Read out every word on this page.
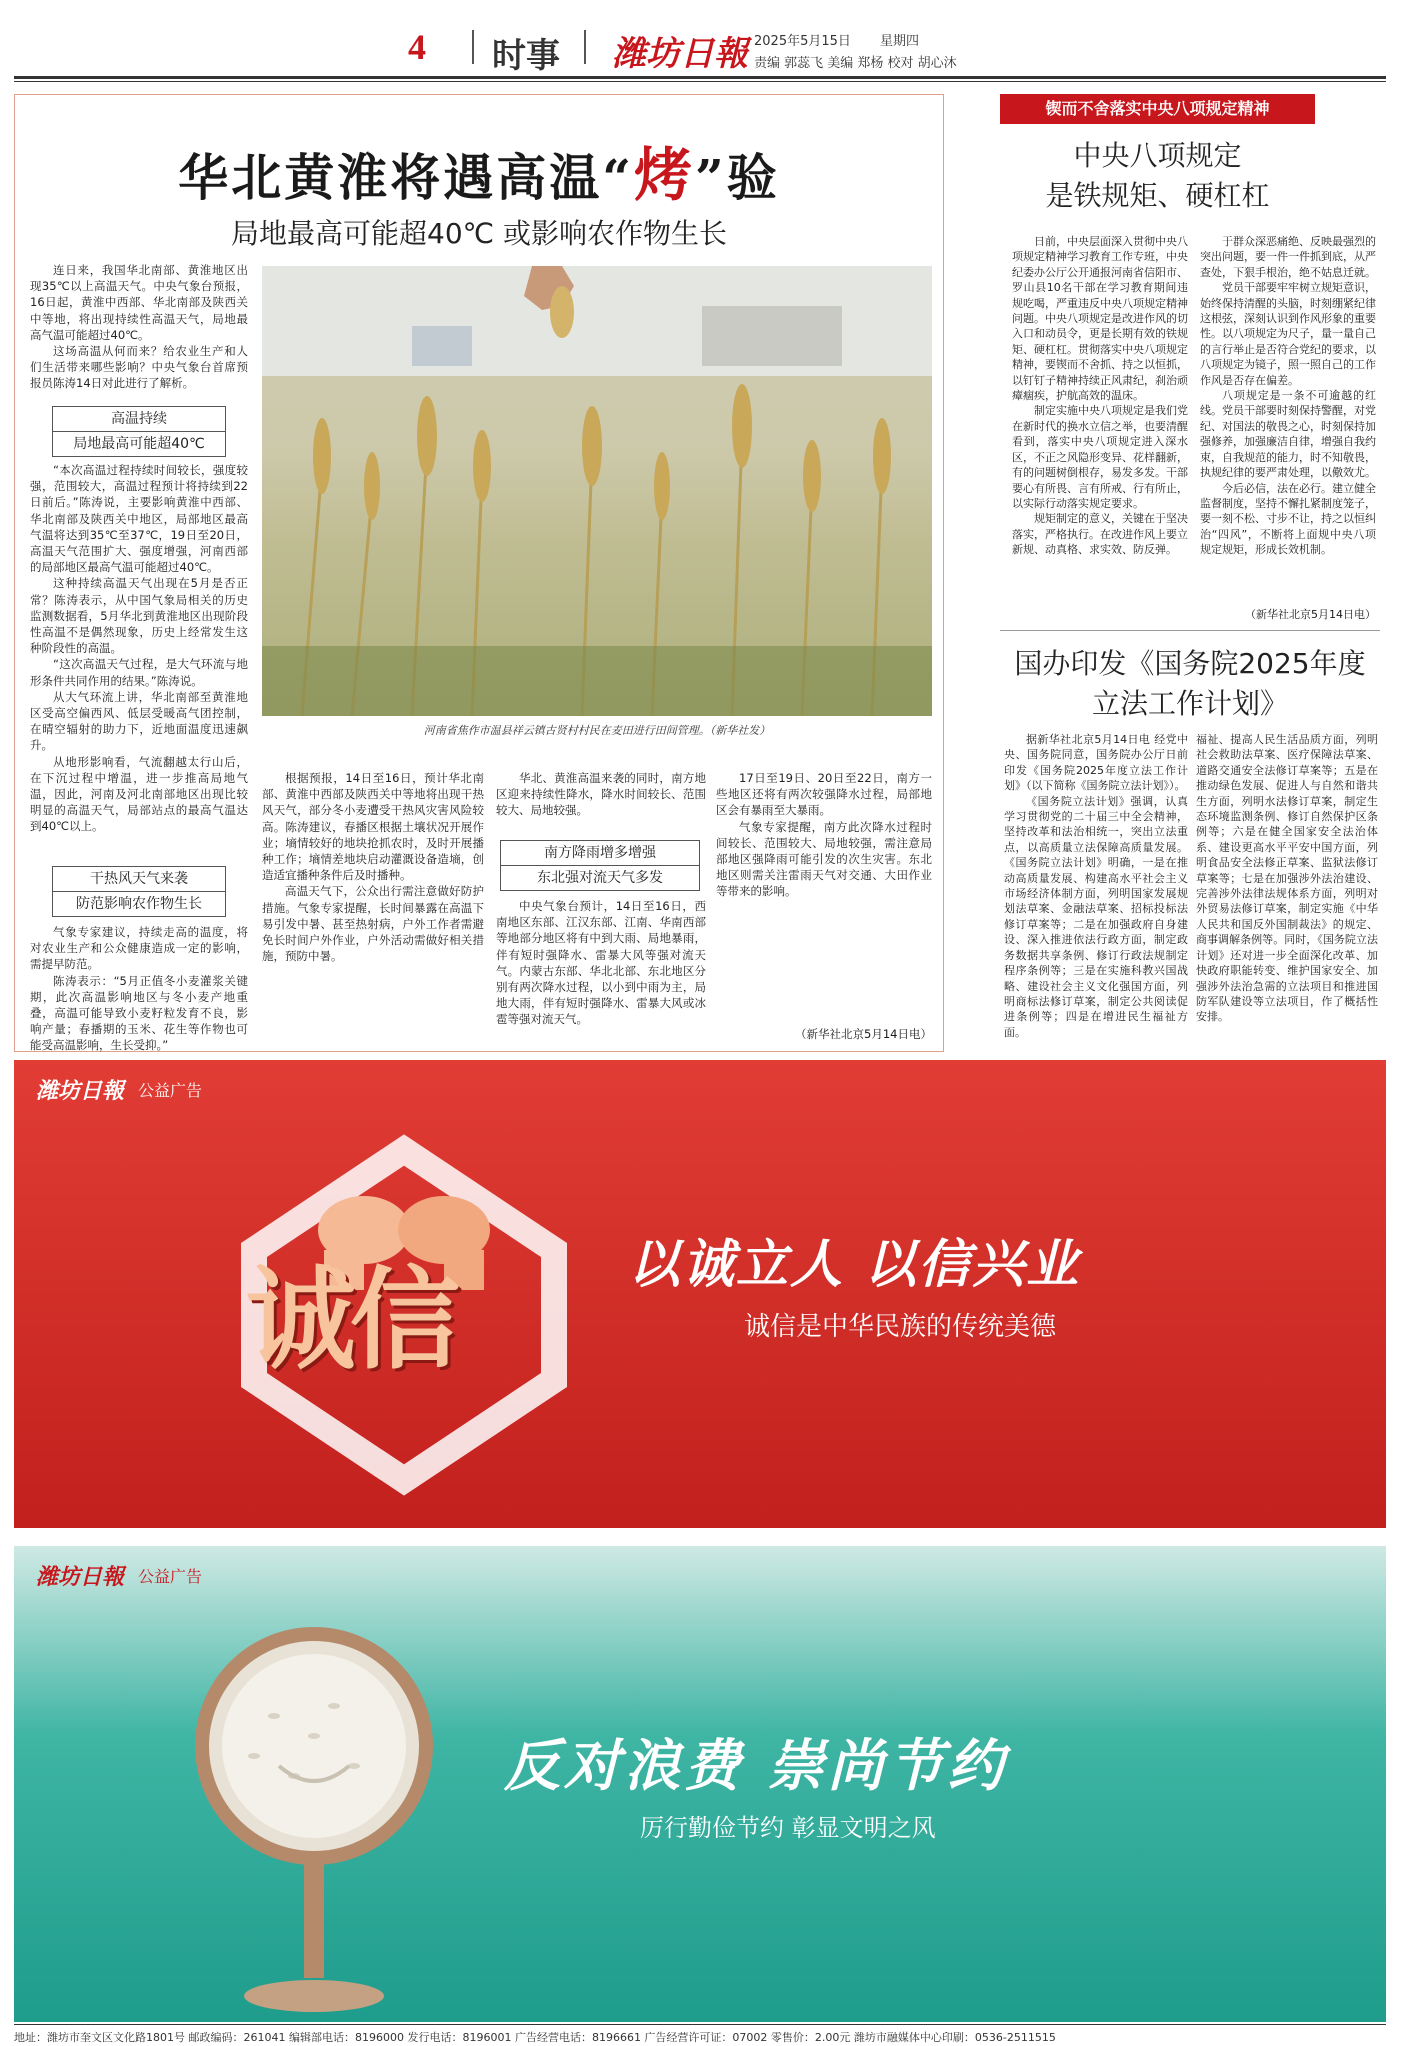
4 时事 潍坊日報 2025年5月15日 星期四
责编 郭蕊飞 美编 郑杨 校对 胡心沐
华北黄淮将遇高温“烤”验
局地最高可能超40℃ 或影响农作物生长

连日来，我国华北南部、黄淮地区出现35℃以上高温天气。中央气象台预报，16日起，黄淮中西部、华北南部及陕西关中等地，将出现持续性高温天气，局地最高气温可能超过40℃。

这场高温从何而来？给农业生产和人们生活带来哪些影响？中央气象台首席预报员陈涛14日对此进行了解析。

高温持续
局地最高可能超40℃

“本次高温过程持续时间较长，强度较强，范围较大，高温过程预计将持续到22日前后。”陈涛说，主要影响黄淮中西部、华北南部及陕西关中地区，局部地区最高气温将达到35℃至37℃，19日至20日，高温天气范围扩大、强度增强，河南西部的局部地区最高气温可能超过40℃。

这种持续高温天气出现在5月是否正常？陈涛表示，从中国气象局相关的历史监测数据看，5月华北到黄淮地区出现阶段性高温不是偶然现象，历史上经常发生这种阶段性的高温。

“这次高温天气过程，是大气环流与地形条件共同作用的结果。”陈涛说。

从大气环流上讲，华北南部至黄淮地区受高空偏西风、低层受暖高气团控制，在晴空辐射的助力下，近地面温度迅速飙升。

从地形影响看，气流翻越太行山后，在下沉过程中增温，进一步推高局地气温，因此，河南及河北南部地区出现比较明显的高温天气，局部站点的最高气温达到40℃以上。

干热风天气来袭
防范影响农作物生长

气象专家建议，持续走高的温度，将对农业生产和公众健康造成一定的影响，需提早防范。

陈涛表示：“5月正值冬小麦灌浆关键期，此次高温影响地区与冬小麦产地重叠，高温可能导致小麦籽粒发育不良，影响产量；春播期的玉米、花生等作物也可能受高温影响，生长受抑。”

河南省焦作市温县祥云镇古贤村村民在麦田进行田间管理。（新华社发）

根据预报，14日至16日，预计华北南部、黄淮中西部及陕西关中等地将出现干热风天气，部分冬小麦遭受干热风灾害风险较高。陈涛建议，春播区根据土壤状况开展作业；墒情较好的地块抢抓农时，及时开展播种工作；墒情差地块启动灌溉设备造墒，创造适宜播种条件后及时播种。

高温天气下，公众出行需注意做好防护措施。气象专家提醒，长时间暴露在高温下易引发中暑、甚至热射病，户外工作者需避免长时间户外作业，户外活动需做好相关措施，预防中暑。

华北、黄淮高温来袭的同时，南方地区迎来持续性降水，降水时间较长、范围较大、局地较强。

南方降雨增多增强
东北强对流天气多发

中央气象台预计，14日至16日，西南地区东部、江汉东部、江南、华南西部等地部分地区将有中到大雨、局地暴雨，伴有短时强降水、雷暴大风等强对流天气。内蒙古东部、华北北部、东北地区分别有两次降水过程，以小到中雨为主，局地大雨，伴有短时强降水、雷暴大风或冰雹等强对流天气。

17日至19日、20日至22日，南方一些地区还将有两次较强降水过程，局部地区会有暴雨至大暴雨。

气象专家提醒，南方此次降水过程时间较长、范围较大、局地较强，需注意局部地区强降雨可能引发的次生灾害。东北地区则需关注雷雨天气对交通、大田作业等带来的影响。

（新华社北京5月14日电）
锲而不舍落实中央八项规定精神
中央八项规定
是铁规矩、硬杠杠

日前，中央层面深入贯彻中央八项规定精神学习教育工作专班，中央纪委办公厅公开通报河南省信阳市、罗山县10名干部在学习教育期间违规吃喝，严重违反中央八项规定精神问题。中央八项规定是改进作风的切入口和动员令，更是长期有效的铁规矩、硬杠杠。贯彻落实中央八项规定精神，要锲而不舍抓、持之以恒抓，以钉钉子精神持续正风肃纪，刹治顽瘴痼疾，护航高效的温床。

制定实施中央八项规定是我们党在新时代的换水立信之举，也要清醒看到，落实中央八项规定进入深水区，不正之风隐形变异、花样翻新，有的问题树倒根存，易发多发。干部要心有所畏、言有所戒、行有所止，以实际行动落实规定要求。

规矩制定的意义，关键在于坚决落实，严格执行。在改进作风上要立新规、动真格、求实效、防反弹。

于群众深恶痛绝、反映最强烈的突出问题，要一件一件抓到底，从严查处，下狠手根治，绝不姑息迁就。

党员干部要牢牢树立规矩意识，始终保持清醒的头脑，时刻绷紧纪律这根弦，深刻认识到作风形象的重要性。以八项规定为尺子，量一量自己的言行举止是否符合党纪的要求，以八项规定为镜子，照一照自己的工作作风是否存在偏差。

八项规定是一条不可逾越的红线。党员干部要时刻保持警醒，对党纪、对国法的敬畏之心，时刻保持加强修养，加强廉洁自律，增强自我约束，自我规范的能力，时不知敬畏，执规纪律的要严肃处理，以儆效尤。

今后必信，法在必行。建立健全监督制度，坚持不懈扎紧制度笼子，要一刻不松、寸步不让，持之以恒纠治“四风”，不断将上面规中央八项规定规矩，形成长效机制。

（新华社北京5月14日电）
国办印发《国务院2025年度
立法工作计划》

据新华社北京5月14日电 经党中央、国务院同意，国务院办公厅日前印发《国务院2025年度立法工作计划》（以下简称《国务院立法计划》）。

《国务院立法计划》强调，认真学习贯彻党的二十届三中全会精神，坚持改革和法治相统一，突出立法重点，以高质量立法保障高质量发展。《国务院立法计划》明确，一是在推动高质量发展、构建高水平社会主义市场经济体制方面，列明国家发展规划法草案、金融法草案、招标投标法修订草案等；二是在加强政府自身建设、深入推进依法行政方面，制定政务数据共享条例、修订行政法规制定程序条例等；三是在实施科教兴国战略、建设社会主义文化强国方面，列明商标法修订草案，制定公共阅读促进条例等；四是在增进民生福祉方面。

福祉、提高人民生活品质方面，列明社会救助法草案、医疗保障法草案、道路交通安全法修订草案等；五是在推动绿色发展、促进人与自然和谐共生方面，列明水法修订草案，制定生态环境监测条例、修订自然保护区条例等；六是在健全国家安全法治体系、建设更高水平平安中国方面，列明食品安全法修正草案、监狱法修订草案等；七是在加强涉外法治建设、完善涉外法律法规体系方面，列明对外贸易法修订草案，制定实施《中华人民共和国反外国制裁法》的规定、商事调解条例等。同时，《国务院立法计划》还对进一步全面深化改革、加快政府职能转变、维护国家安全、加强涉外法治急需的立法项目和推进国防军队建设等立法项目，作了概括性安排。

潍坊日報 公益广告
诚信	以诚立人 以信兴业
诚信是中华民族的传统美德
潍坊日報 公益广告
反对浪费 崇尚节约
厉行勤俭节约 彰显文明之风
地址：潍坊市奎文区文化路1801号 邮政编码：261041 编辑部电话：8196000 发行电话：8196001 广告经营电话：8196661 广告经营许可证：07002 零售价：2.00元 潍坊市融媒体中心印刷：0536-2511515
